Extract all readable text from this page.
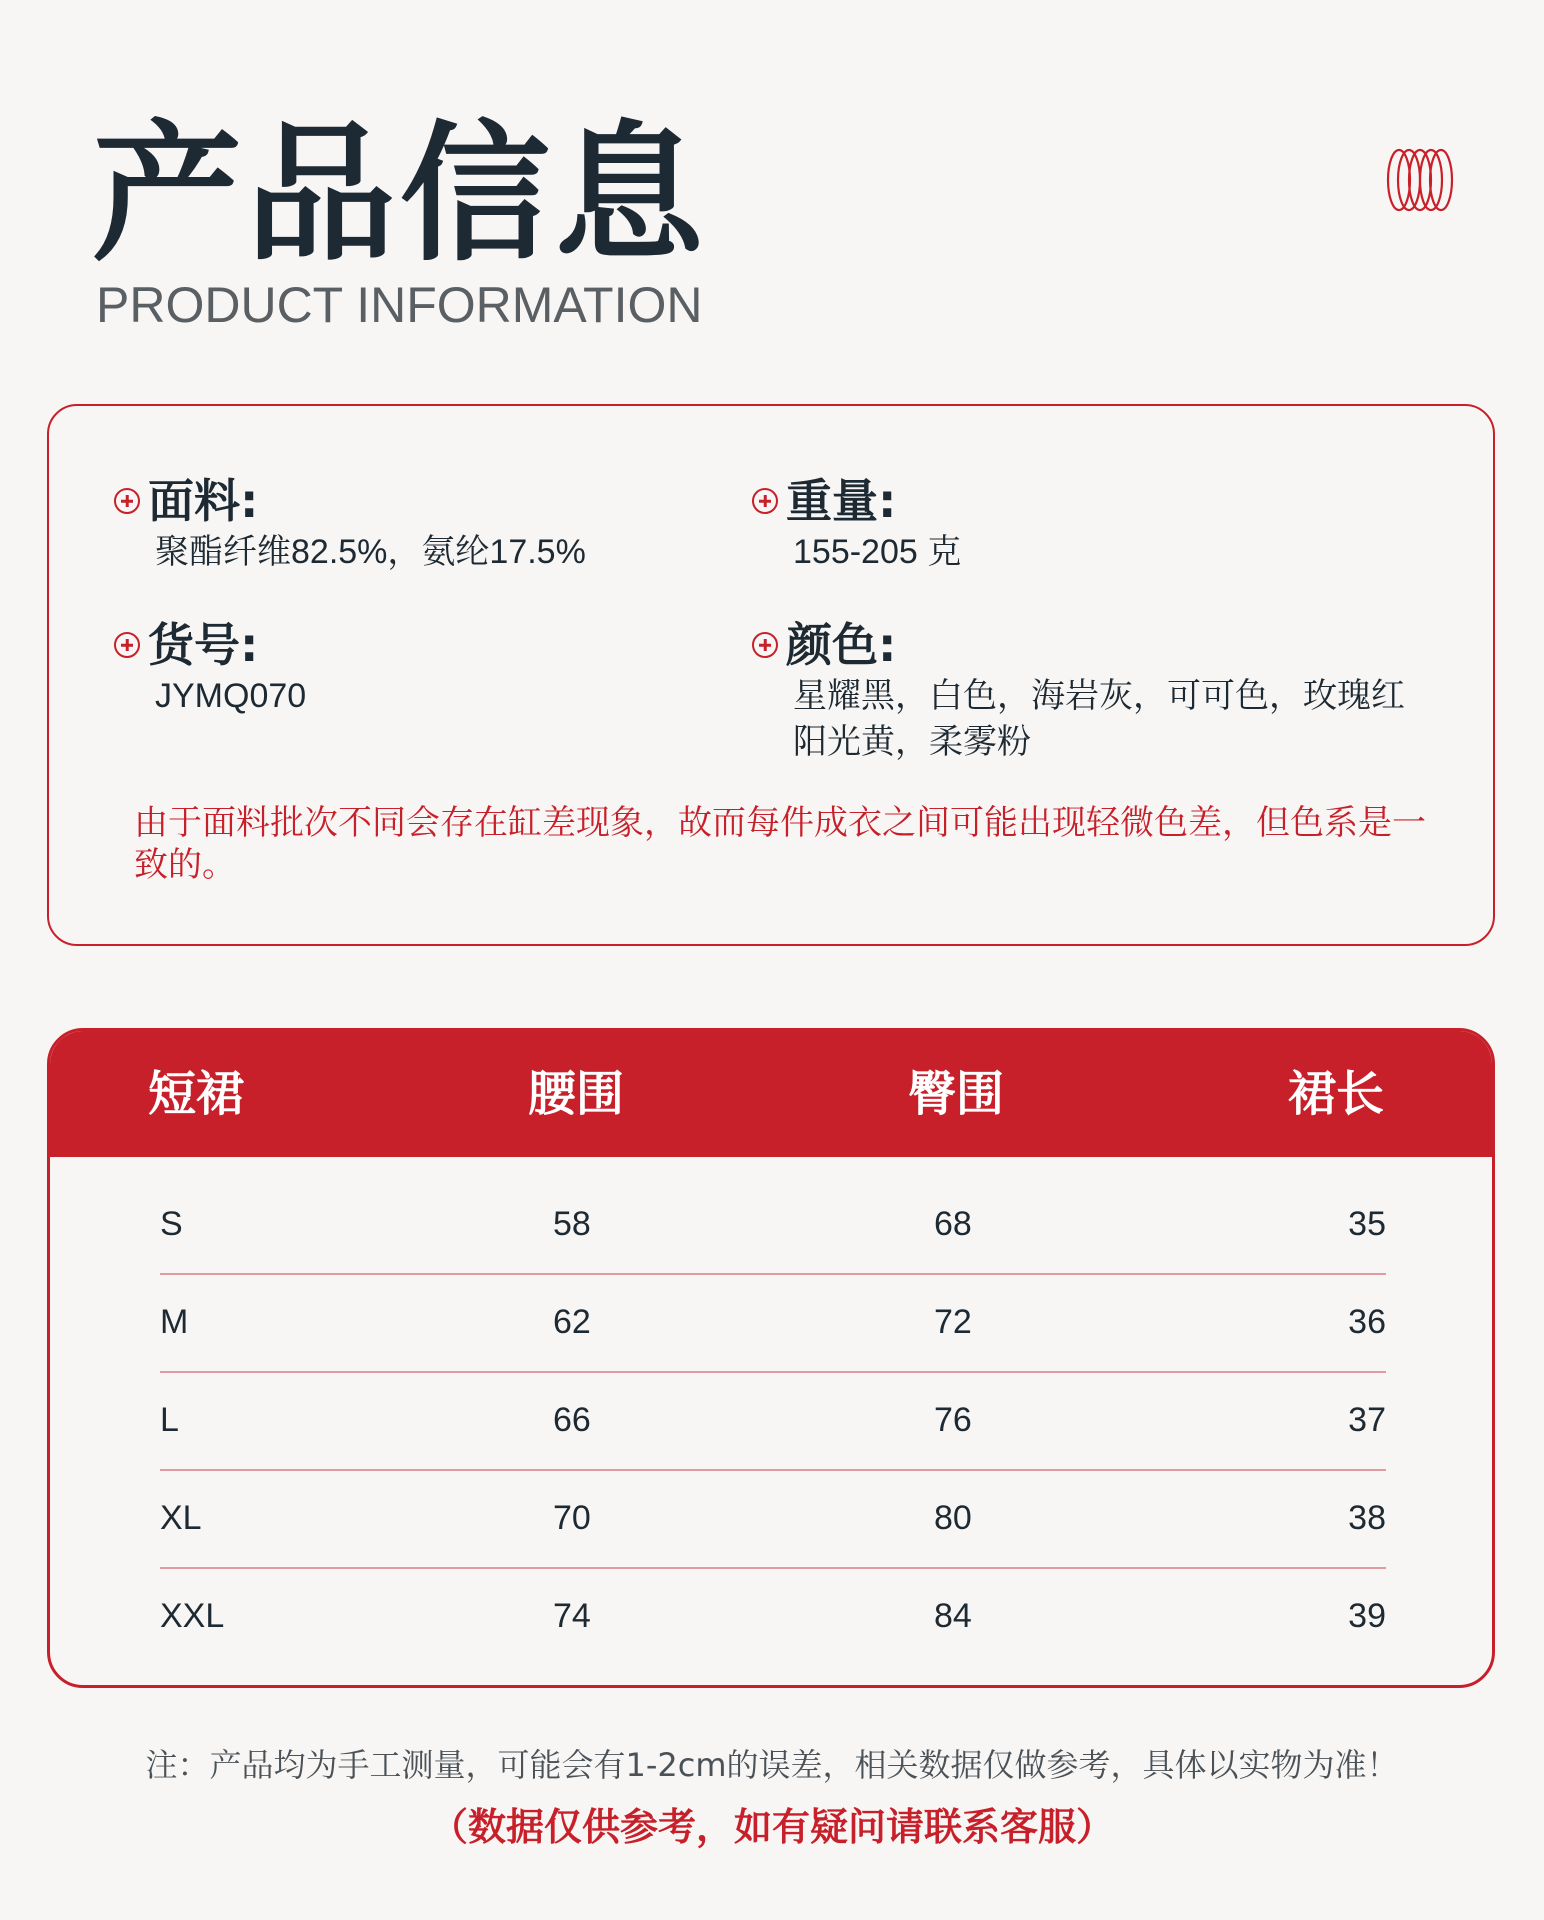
产品信息
PRODUCT INFORMATION
面料:
聚酯纤维82.5%，氨纶17.5%
重量:
155-205 克
货号:
JYMQ070
颜色:
星耀黑，白色，海岩灰，可可色，玫瑰红
阳光黄，柔雾粉
由于面料批次不同会存在缸差现象，故而每件成衣之间可能出现轻微色差，但色系是一致的。
短裙	腰围	臀围	裙长
S	58	68	35
M	62	72	36
L	66	76	37
XL	70	80	38
XXL	74	84	39
注：产品均为手工测量，可能会有1-2cm的误差，相关数据仅做参考，具体以实物为准！
（数据仅供参考，如有疑问请联系客服）
